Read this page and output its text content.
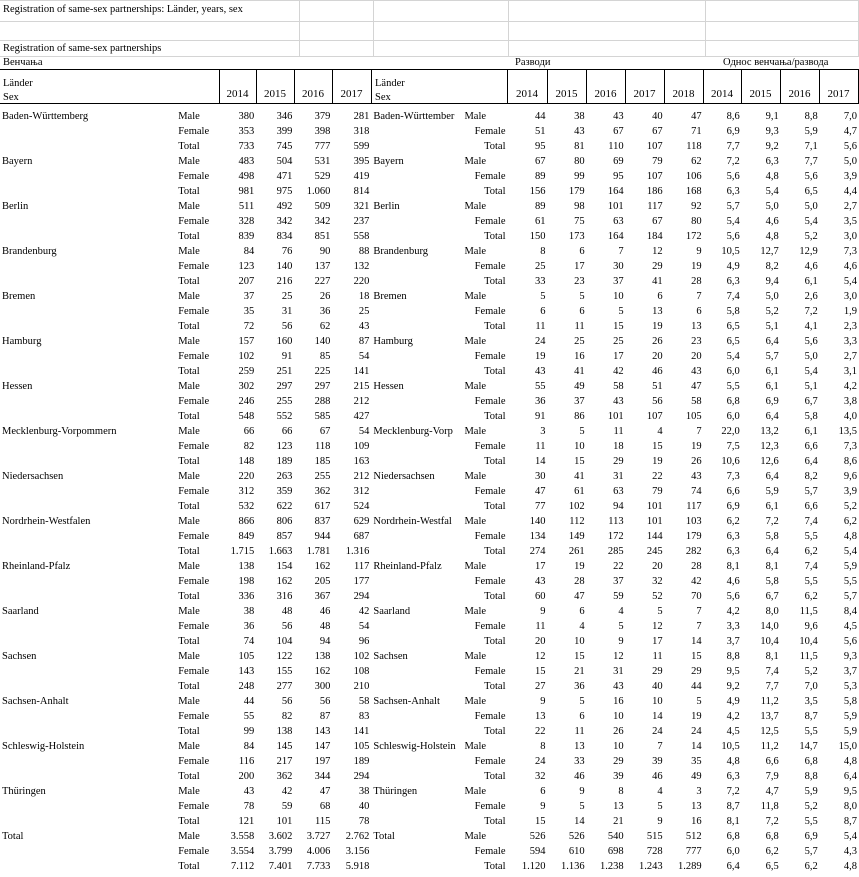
Registration of same-sex partnerships: Länder, years, sex
Registration of same-sex partnerships
Венчања	Разводи	Однос венчања/развода
Länder
Sex
Länder
Sex
2014	2015	2016	2017	2014	2015	2016	2017	2018	2014	2015	2016	2017
Baden-Württemberg	Male	380	346	379	281	Baden-Württember	Male	44	38	43	40	47	8,6	9,1	8,8	7,0
	Female	353	399	398	318		Female	51	43	67	67	71	6,9	9,3	5,9	4,7
	Total	733	745	777	599		Total	95	81	110	107	118	7,7	9,2	7,1	5,6
Bayern	Male	483	504	531	395	Bayern	Male	67	80	69	79	62	7,2	6,3	7,7	5,0
	Female	498	471	529	419		Female	89	99	95	107	106	5,6	4,8	5,6	3,9
	Total	981	975	1.060	814		Total	156	179	164	186	168	6,3	5,4	6,5	4,4
Berlin	Male	511	492	509	321	Berlin	Male	89	98	101	117	92	5,7	5,0	5,0	2,7
	Female	328	342	342	237		Female	61	75	63	67	80	5,4	4,6	5,4	3,5
	Total	839	834	851	558		Total	150	173	164	184	172	5,6	4,8	5,2	3,0
Brandenburg	Male	84	76	90	88	Brandenburg	Male	8	6	7	12	9	10,5	12,7	12,9	7,3
	Female	123	140	137	132		Female	25	17	30	29	19	4,9	8,2	4,6	4,6
	Total	207	216	227	220		Total	33	23	37	41	28	6,3	9,4	6,1	5,4
Bremen	Male	37	25	26	18	Bremen	Male	5	5	10	6	7	7,4	5,0	2,6	3,0
	Female	35	31	36	25		Female	6	6	5	13	6	5,8	5,2	7,2	1,9
	Total	72	56	62	43		Total	11	11	15	19	13	6,5	5,1	4,1	2,3
Hamburg	Male	157	160	140	87	Hamburg	Male	24	25	25	26	23	6,5	6,4	5,6	3,3
	Female	102	91	85	54		Female	19	16	17	20	20	5,4	5,7	5,0	2,7
	Total	259	251	225	141		Total	43	41	42	46	43	6,0	6,1	5,4	3,1
Hessen	Male	302	297	297	215	Hessen	Male	55	49	58	51	47	5,5	6,1	5,1	4,2
	Female	246	255	288	212		Female	36	37	43	56	58	6,8	6,9	6,7	3,8
	Total	548	552	585	427		Total	91	86	101	107	105	6,0	6,4	5,8	4,0
Mecklenburg-Vorpommern	Male	66	66	67	54	Mecklenburg-Vorp	Male	3	5	11	4	7	22,0	13,2	6,1	13,5
	Female	82	123	118	109		Female	11	10	18	15	19	7,5	12,3	6,6	7,3
	Total	148	189	185	163		Total	14	15	29	19	26	10,6	12,6	6,4	8,6
Niedersachsen	Male	220	263	255	212	Niedersachsen	Male	30	41	31	22	43	7,3	6,4	8,2	9,6
	Female	312	359	362	312		Female	47	61	63	79	74	6,6	5,9	5,7	3,9
	Total	532	622	617	524		Total	77	102	94	101	117	6,9	6,1	6,6	5,2
Nordrhein-Westfalen	Male	866	806	837	629	Nordrhein-Westfal	Male	140	112	113	101	103	6,2	7,2	7,4	6,2
	Female	849	857	944	687		Female	134	149	172	144	179	6,3	5,8	5,5	4,8
	Total	1.715	1.663	1.781	1.316		Total	274	261	285	245	282	6,3	6,4	6,2	5,4
Rheinland-Pfalz	Male	138	154	162	117	Rheinland-Pfalz	Male	17	19	22	20	28	8,1	8,1	7,4	5,9
	Female	198	162	205	177		Female	43	28	37	32	42	4,6	5,8	5,5	5,5
	Total	336	316	367	294		Total	60	47	59	52	70	5,6	6,7	6,2	5,7
Saarland	Male	38	48	46	42	Saarland	Male	9	6	4	5	7	4,2	8,0	11,5	8,4
	Female	36	56	48	54		Female	11	4	5	12	7	3,3	14,0	9,6	4,5
	Total	74	104	94	96		Total	20	10	9	17	14	3,7	10,4	10,4	5,6
Sachsen	Male	105	122	138	102	Sachsen	Male	12	15	12	11	15	8,8	8,1	11,5	9,3
	Female	143	155	162	108		Female	15	21	31	29	29	9,5	7,4	5,2	3,7
	Total	248	277	300	210		Total	27	36	43	40	44	9,2	7,7	7,0	5,3
Sachsen-Anhalt	Male	44	56	56	58	Sachsen-Anhalt	Male	9	5	16	10	5	4,9	11,2	3,5	5,8
	Female	55	82	87	83		Female	13	6	10	14	19	4,2	13,7	8,7	5,9
	Total	99	138	143	141		Total	22	11	26	24	24	4,5	12,5	5,5	5,9
Schleswig-Holstein	Male	84	145	147	105	Schleswig-Holstein	Male	8	13	10	7	14	10,5	11,2	14,7	15,0
	Female	116	217	197	189		Female	24	33	29	39	35	4,8	6,6	6,8	4,8
	Total	200	362	344	294		Total	32	46	39	46	49	6,3	7,9	8,8	6,4
Thüringen	Male	43	42	47	38	Thüringen	Male	6	9	8	4	3	7,2	4,7	5,9	9,5
	Female	78	59	68	40		Female	9	5	13	5	13	8,7	11,8	5,2	8,0
	Total	121	101	115	78		Total	15	14	21	9	16	8,1	7,2	5,5	8,7
Total	Male	3.558	3.602	3.727	2.762	Total	Male	526	526	540	515	512	6,8	6,8	6,9	5,4
	Female	3.554	3.799	4.006	3.156		Female	594	610	698	728	777	6,0	6,2	5,7	4,3
	Total	7.112	7.401	7.733	5.918		Total	1.120	1.136	1.238	1.243	1.289	6,4	6,5	6,2	4,8
